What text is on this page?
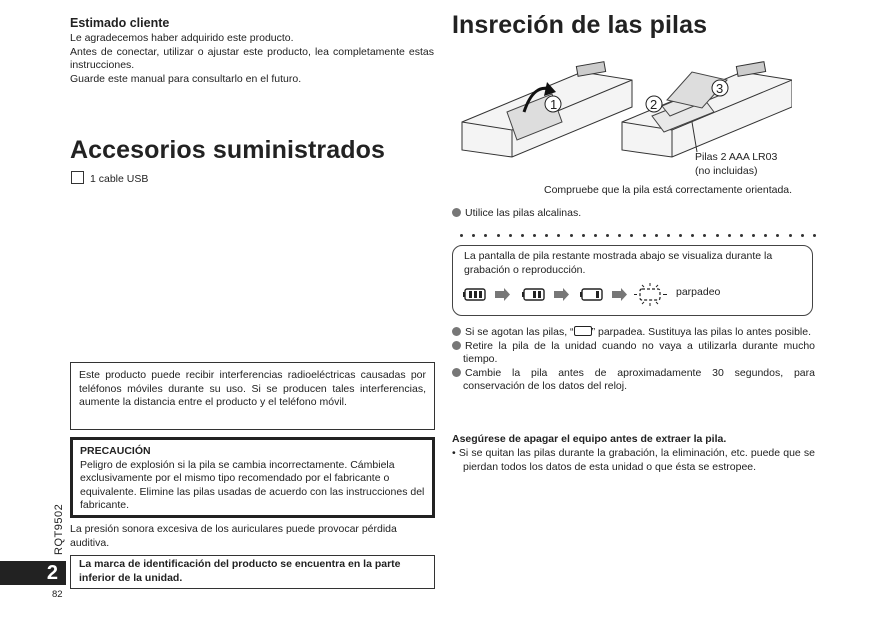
Estimado cliente
Le agradecemos haber adquirido este producto.
Antes de conectar, utilizar o ajustar este producto, lea completamente estas instrucciones.
Guarde este manual para consultarlo en el futuro.
Accesorios suministrados
1 cable USB
Este producto puede recibir interferencias radioeléctricas causadas por teléfonos móviles durante su uso. Si se producen tales interferencias, aumente la distancia entre el producto y el teléfono móvil.
PRECAUCIÓN
Peligro de explosión si la pila se cambia incorrectamente. Cámbiela exclusivamente por el mismo tipo recomendado por el fabricante o equivalente. Elimine las pilas usadas de acuerdo con las instrucciones del fabricante.
La presión sonora excesiva de los auriculares puede provocar pérdida auditiva.
La marca de identificación del producto se encuentra en la parte inferior de la unidad.
RQT9502
2
82
Insreción de las pilas
1	2
3
Pilas 2 AAA LR03
(no incluidas)
Compruebe que la pila está correctamente orientada.
Utilice las pilas alcalinas.
La pantalla de pila restante mostrada abajo se visualiza durante la grabación o reproducción.
parpadeo
Si se agotan las pilas, “ ” parpadea. Sustituya las pilas lo antes posible.
Retire la pila de la unidad cuando no vaya a utilizarla durante mucho tiempo.
Cambie la pila antes de aproximadamente 30 segundos, para conservación de los datos del reloj.
Asegúrese de apagar el equipo antes de extraer la pila.
• Si se quitan las pilas durante la grabación, la eliminación, etc. puede que se pierdan todos los datos de esta unidad o que ésta se estropee.
